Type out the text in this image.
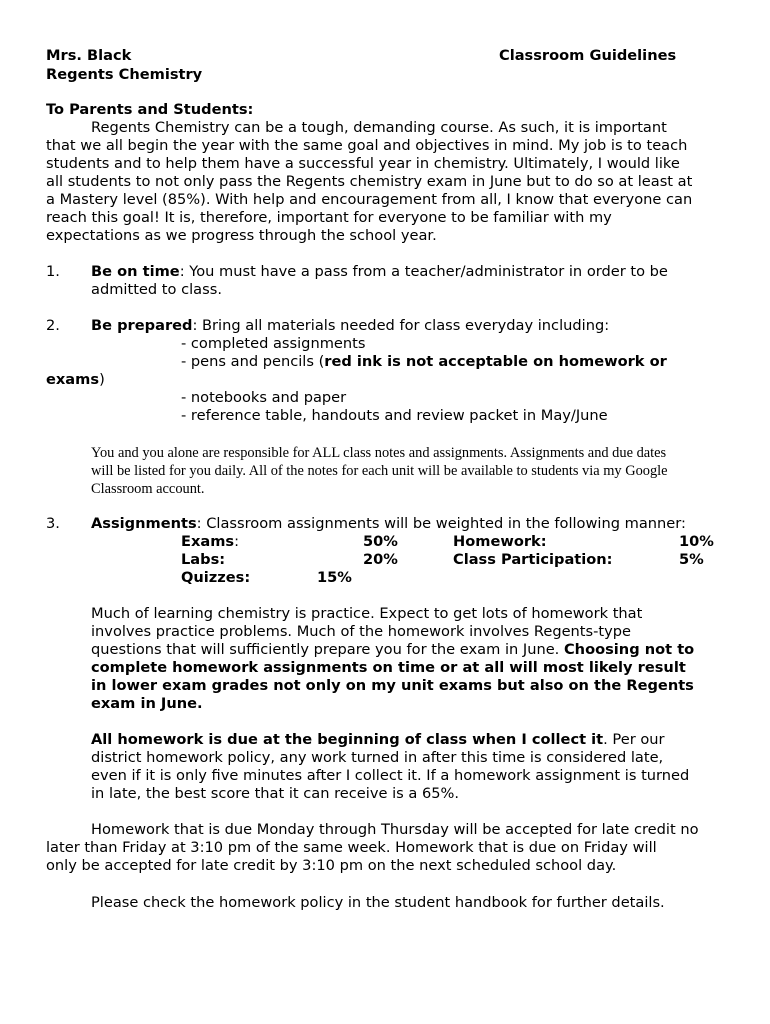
Mrs. Black	Classroom Guidelines
Regents Chemistry
To Parents and Students:
Regents Chemistry can be a tough, demanding course. As such, it is important
that we all begin the year with the same goal and objectives in mind. My job is to teach
students and to help them have a successful year in chemistry. Ultimately, I would like
all students to not only pass the Regents chemistry exam in June but to do so at least at
a Mastery level (85%). With help and encouragement from all, I know that everyone can
reach this goal! It is, therefore, important for everyone to be familiar with my
expectations as we progress through the school year.
1. Be on time: You must have a pass from a teacher/administrator in order to be
admitted to class.
2. Be prepared: Bring all materials needed for class everyday including:
- completed assignments
- pens and pencils (red ink is not acceptable on homework or
exams)
- notebooks and paper
- reference table, handouts and review packet in May/June
You and you alone are responsible for ALL class notes and assignments. Assignments and due dates
will be listed for you daily. All of the notes for each unit will be available to students via my Google
Classroom account.
3. Assignments: Classroom assignments will be weighted in the following manner:
Exams:	50%	Homework:	10%
Labs:	20%	Class Participation:	5%
Quizzes:	15%
Much of learning chemistry is practice. Expect to get lots of homework that
involves practice problems. Much of the homework involves Regents-type
questions that will sufficiently prepare you for the exam in June. Choosing not to
complete homework assignments on time or at all will most likely result
in lower exam grades not only on my unit exams but also on the Regents
exam in June.
All homework is due at the beginning of class when I collect it. Per our
district homework policy, any work turned in after this time is considered late,
even if it is only five minutes after I collect it. If a homework assignment is turned
in late, the best score that it can receive is a 65%.
Homework that is due Monday through Thursday will be accepted for late credit no
later than Friday at 3:10 pm of the same week. Homework that is due on Friday will
only be accepted for late credit by 3:10 pm on the next scheduled school day.
Please check the homework policy in the student handbook for further details.
